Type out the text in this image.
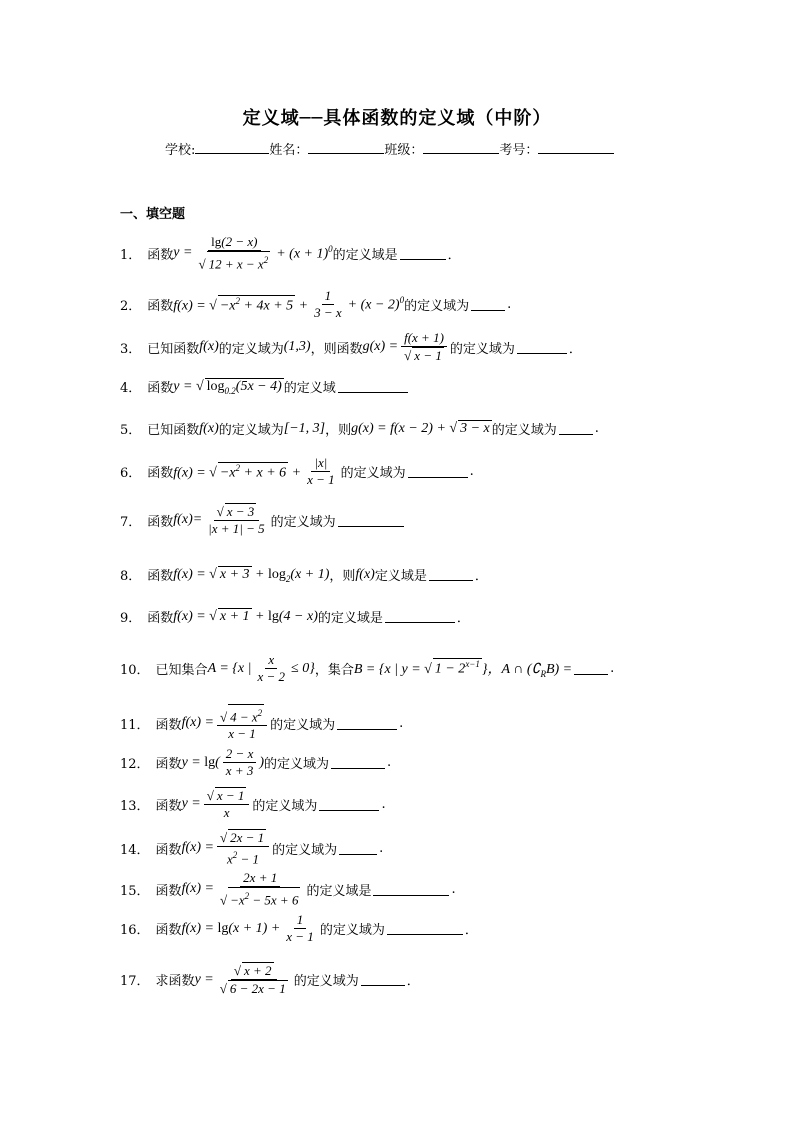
定义域──具体函数的定义域（中阶）
学校:	姓名：	班级：	考号：
一、填空题
1． 函数 $y = \frac{\lg(2 - x)}{√ 12 + x - x^2} + (x + 1)^0$ 的定义域是	．
2． 函数 f(x) = √ $-x^2 + 4x + 5 + \frac{1}{3 - x} + (x - 2)^0$ 的定义域为	.
3． 已知函数 f(x) 的定义域为 (1,3) ，则函数 $g(x) = \frac{f(x + 1)}{√ x - 1}$ 的定义域为	．
4． 函数 y = √ $\log_{0.2}(5x - 4)$ 的定义域
5． 已知函数 f(x) 的定义域为 [−1, 3] ，则 g(x) = f(x − 2) + √ 3 − x 的定义域为	.
6． 函数 f(x) = √ $-x^2 + x + 6 + \frac{|x|}{x - 1}$ 的定义域为	.
7． 函数 $f(x)= \frac{√ x - 3}{|x + 1| - 5}$ 的定义域为
8． 函数 f(x) = √ $x + 3 + \log_2(x + 1)$ ，则 f(x) 定义域是	．
9． 函数 f(x) = √ x + 1 + lg(4 − x) 的定义域是	．
10． 已知集合 A = {x | $\frac{x}{x - 2} \le 0$} ，集合 B = {x | y = √ $1 - 2^{x-1}$ }，A ∩ $(∁_RB)$ =	.
11． 函数 $f(x) = \frac{√ 4 - x^2}{x - 1}$ 的定义域为	.
12． 函数 $y = \lg( \frac{2 - x}{x + 3}$ ) 的定义域为	.
13． 函数 $y = \frac{√ x - 1}{x}$ 的定义域为	.
14． 函数 $f(x) = \frac{√ 2x - 1}{x^2 - 1}$ 的定义域为	.
15． 函数 $f(x) = \frac{2x + 1}{√ -x^2 - 5x + 6}$ 的定义域是	.
16． 函数 $f(x) = \lg(x + 1) + \frac{1}{x - 1}$ 的定义域为	．
17． 求函数 $y = \frac{√ x + 2}{√ 6 - 2x - 1}$ 的定义域为	．
